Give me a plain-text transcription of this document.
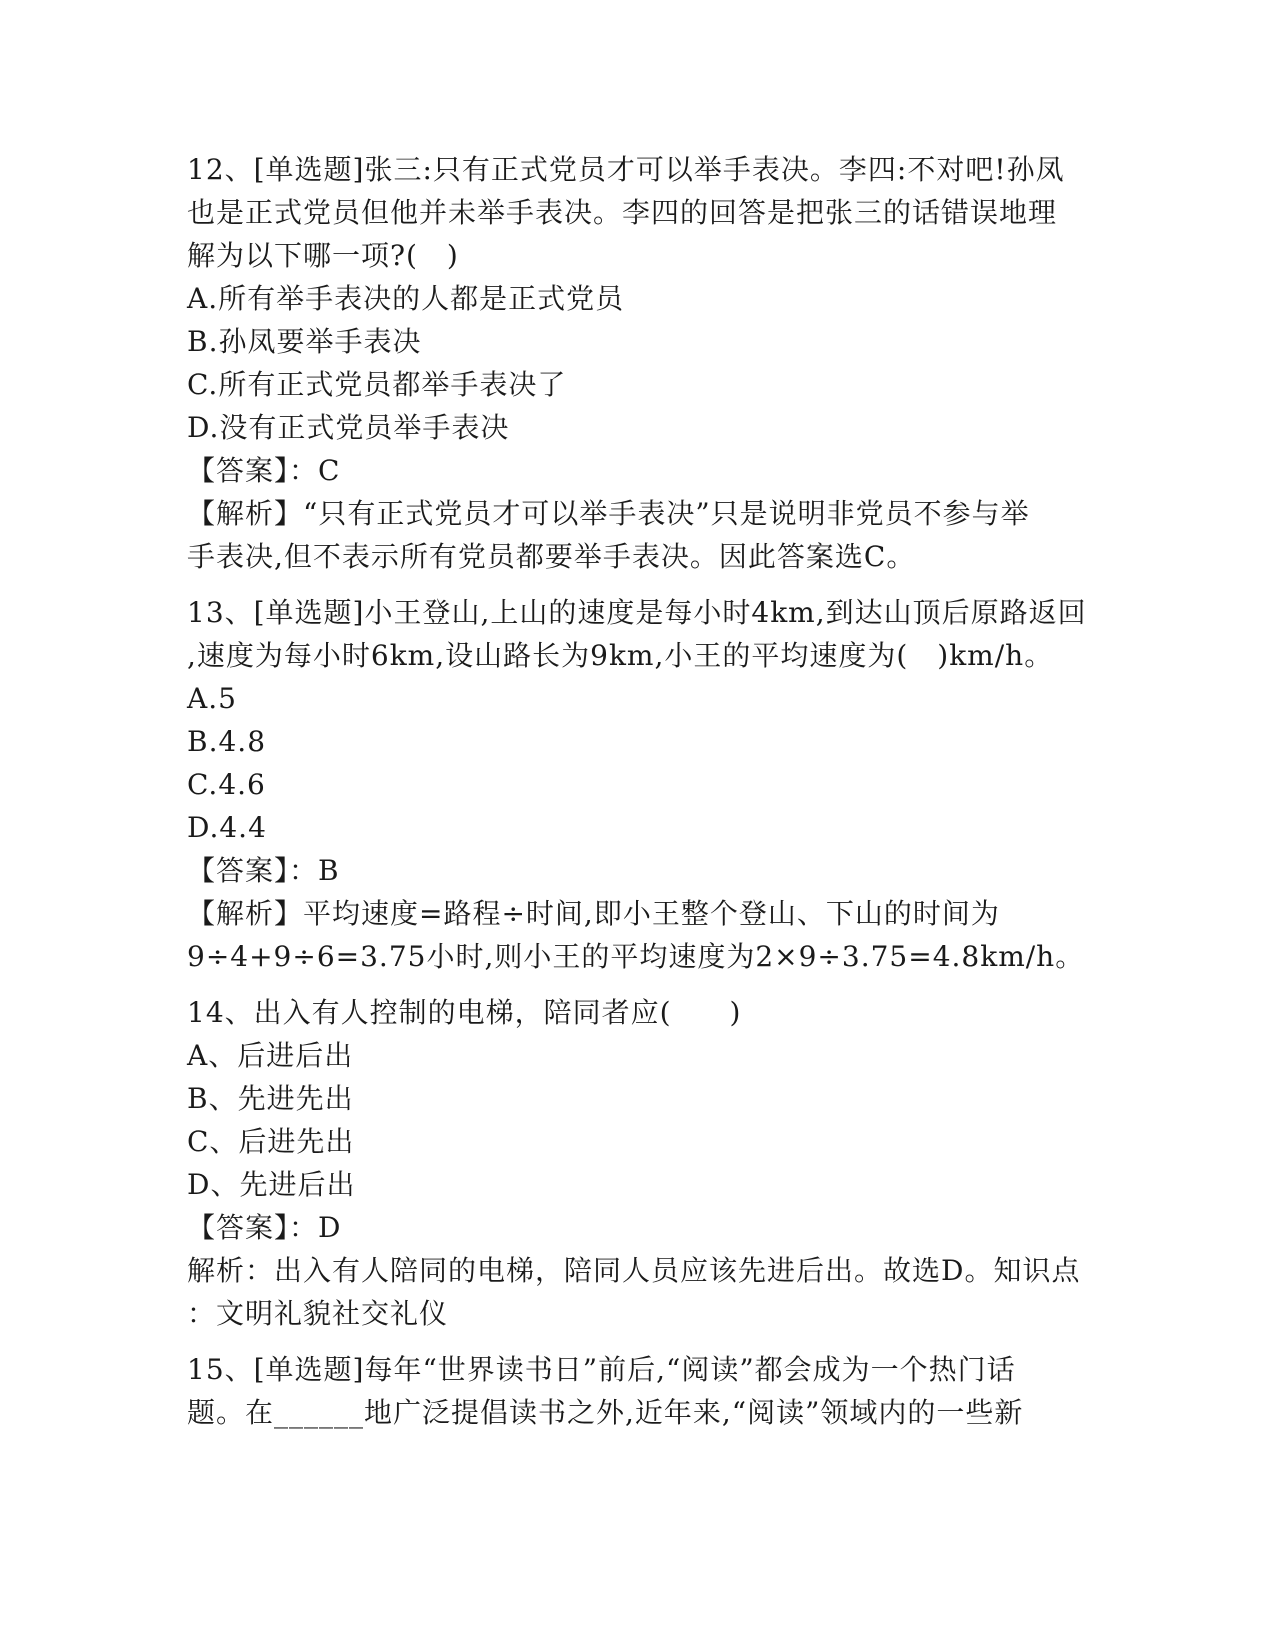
12、[单选题]张三:只有正式党员才可以举手表决。李四:不对吧!孙凤
也是正式党员但他并未举手表决。李四的回答是把张三的话错误地理
解为以下哪一项?(　)
A.所有举手表决的人都是正式党员
B.孙凤要举手表决
C.所有正式党员都举手表决了
D.没有正式党员举手表决
【答案】：C
【解析】“只有正式党员才可以举手表决”只是说明非党员不参与举
手表决,但不表示所有党员都要举手表决。因此答案选C。
13、[单选题]小王登山,上山的速度是每小时4km,到达山顶后原路返回
,速度为每小时6km,设山路长为9km,小王的平均速度为(　)km/h。
A.5
B.4.8
C.4.6
D.4.4
【答案】：B
【解析】平均速度=路程÷时间,即小王整个登山、下山的时间为
9÷4+9÷6=3.75小时,则小王的平均速度为2×9÷3.75=4.8km/h。
14、出入有人控制的电梯，陪同者应(　　)
A、后进后出
B、先进先出
C、后进先出
D、先进后出
【答案】：D
解析：出入有人陪同的电梯，陪同人员应该先进后出。故选D。知识点
：文明礼貌社交礼仪
15、[单选题]每年“世界读书日”前后,“阅读”都会成为一个热门话
题。在______地广泛提倡读书之外,近年来,“阅读”领域内的一些新
